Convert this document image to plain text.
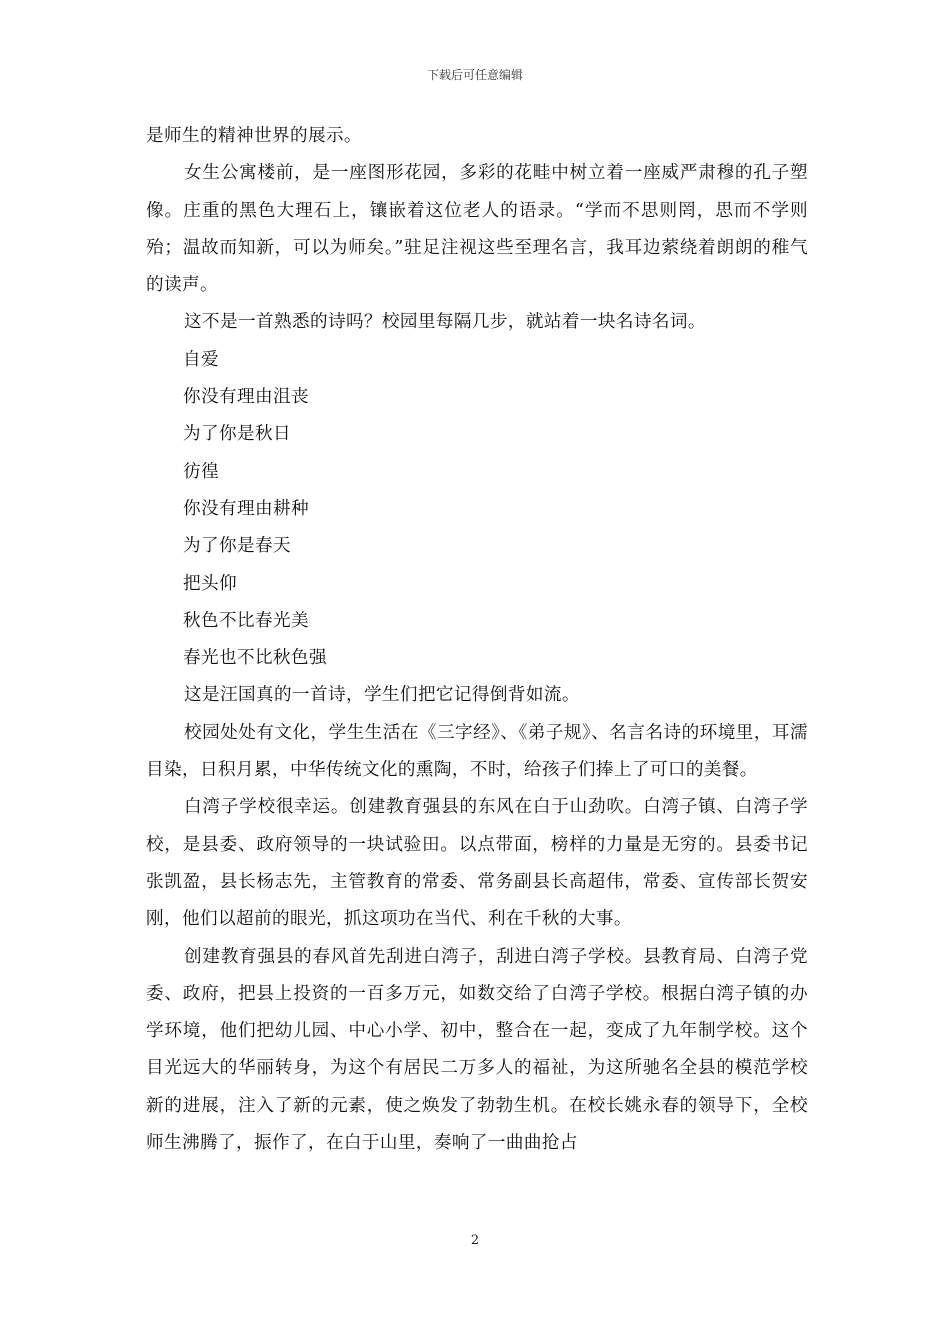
下载后可任意编辑

是师生的精神世界的展示。

女生公寓楼前，是一座图形花园，多彩的花畦中树立着一座威严肃穆的孔子塑像。庄重的黑色大理石上，镶嵌着这位老人的语录。“学而不思则罔，思而不学则殆；温故而知新，可以为师矣。”驻足注视这些至理名言，我耳边萦绕着朗朗的稚气的读声。

这不是一首熟悉的诗吗？校园里每隔几步，就站着一块名诗名词。

自爱

你没有理由沮丧

为了你是秋日

彷徨

你没有理由耕种

为了你是春天

把头仰

秋色不比春光美

春光也不比秋色强

这是汪国真的一首诗，学生们把它记得倒背如流。

校园处处有文化，学生生活在《三字经》、《弟子规》、名言名诗的环境里，耳濡目染，日积月累，中华传统文化的熏陶，不时，给孩子们捧上了可口的美餐。

白湾子学校很幸运。创建教育强县的东风在白于山劲吹。白湾子镇、白湾子学校，是县委、政府领导的一块试验田。以点带面，榜样的力量是无穷的。县委书记张凯盈，县长杨志先，主管教育的常委、常务副县长高超伟，常委、宣传部长贺安刚，他们以超前的眼光，抓这项功在当代、利在千秋的大事。

创建教育强县的春风首先刮进白湾子，刮进白湾子学校。县教育局、白湾子党委、政府，把县上投资的一百多万元，如数交给了白湾子学校。根据白湾子镇的办学环境，他们把幼儿园、中心小学、初中，整合在一起，变成了九年制学校。这个目光远大的华丽转身，为这个有居民二万多人的福祉，为这所驰名全县的模范学校新的进展，注入了新的元素，使之焕发了勃勃生机。在校长姚永春的领导下，全校师生沸腾了，振作了，在白于山里，奏响了一曲曲抢占

2
